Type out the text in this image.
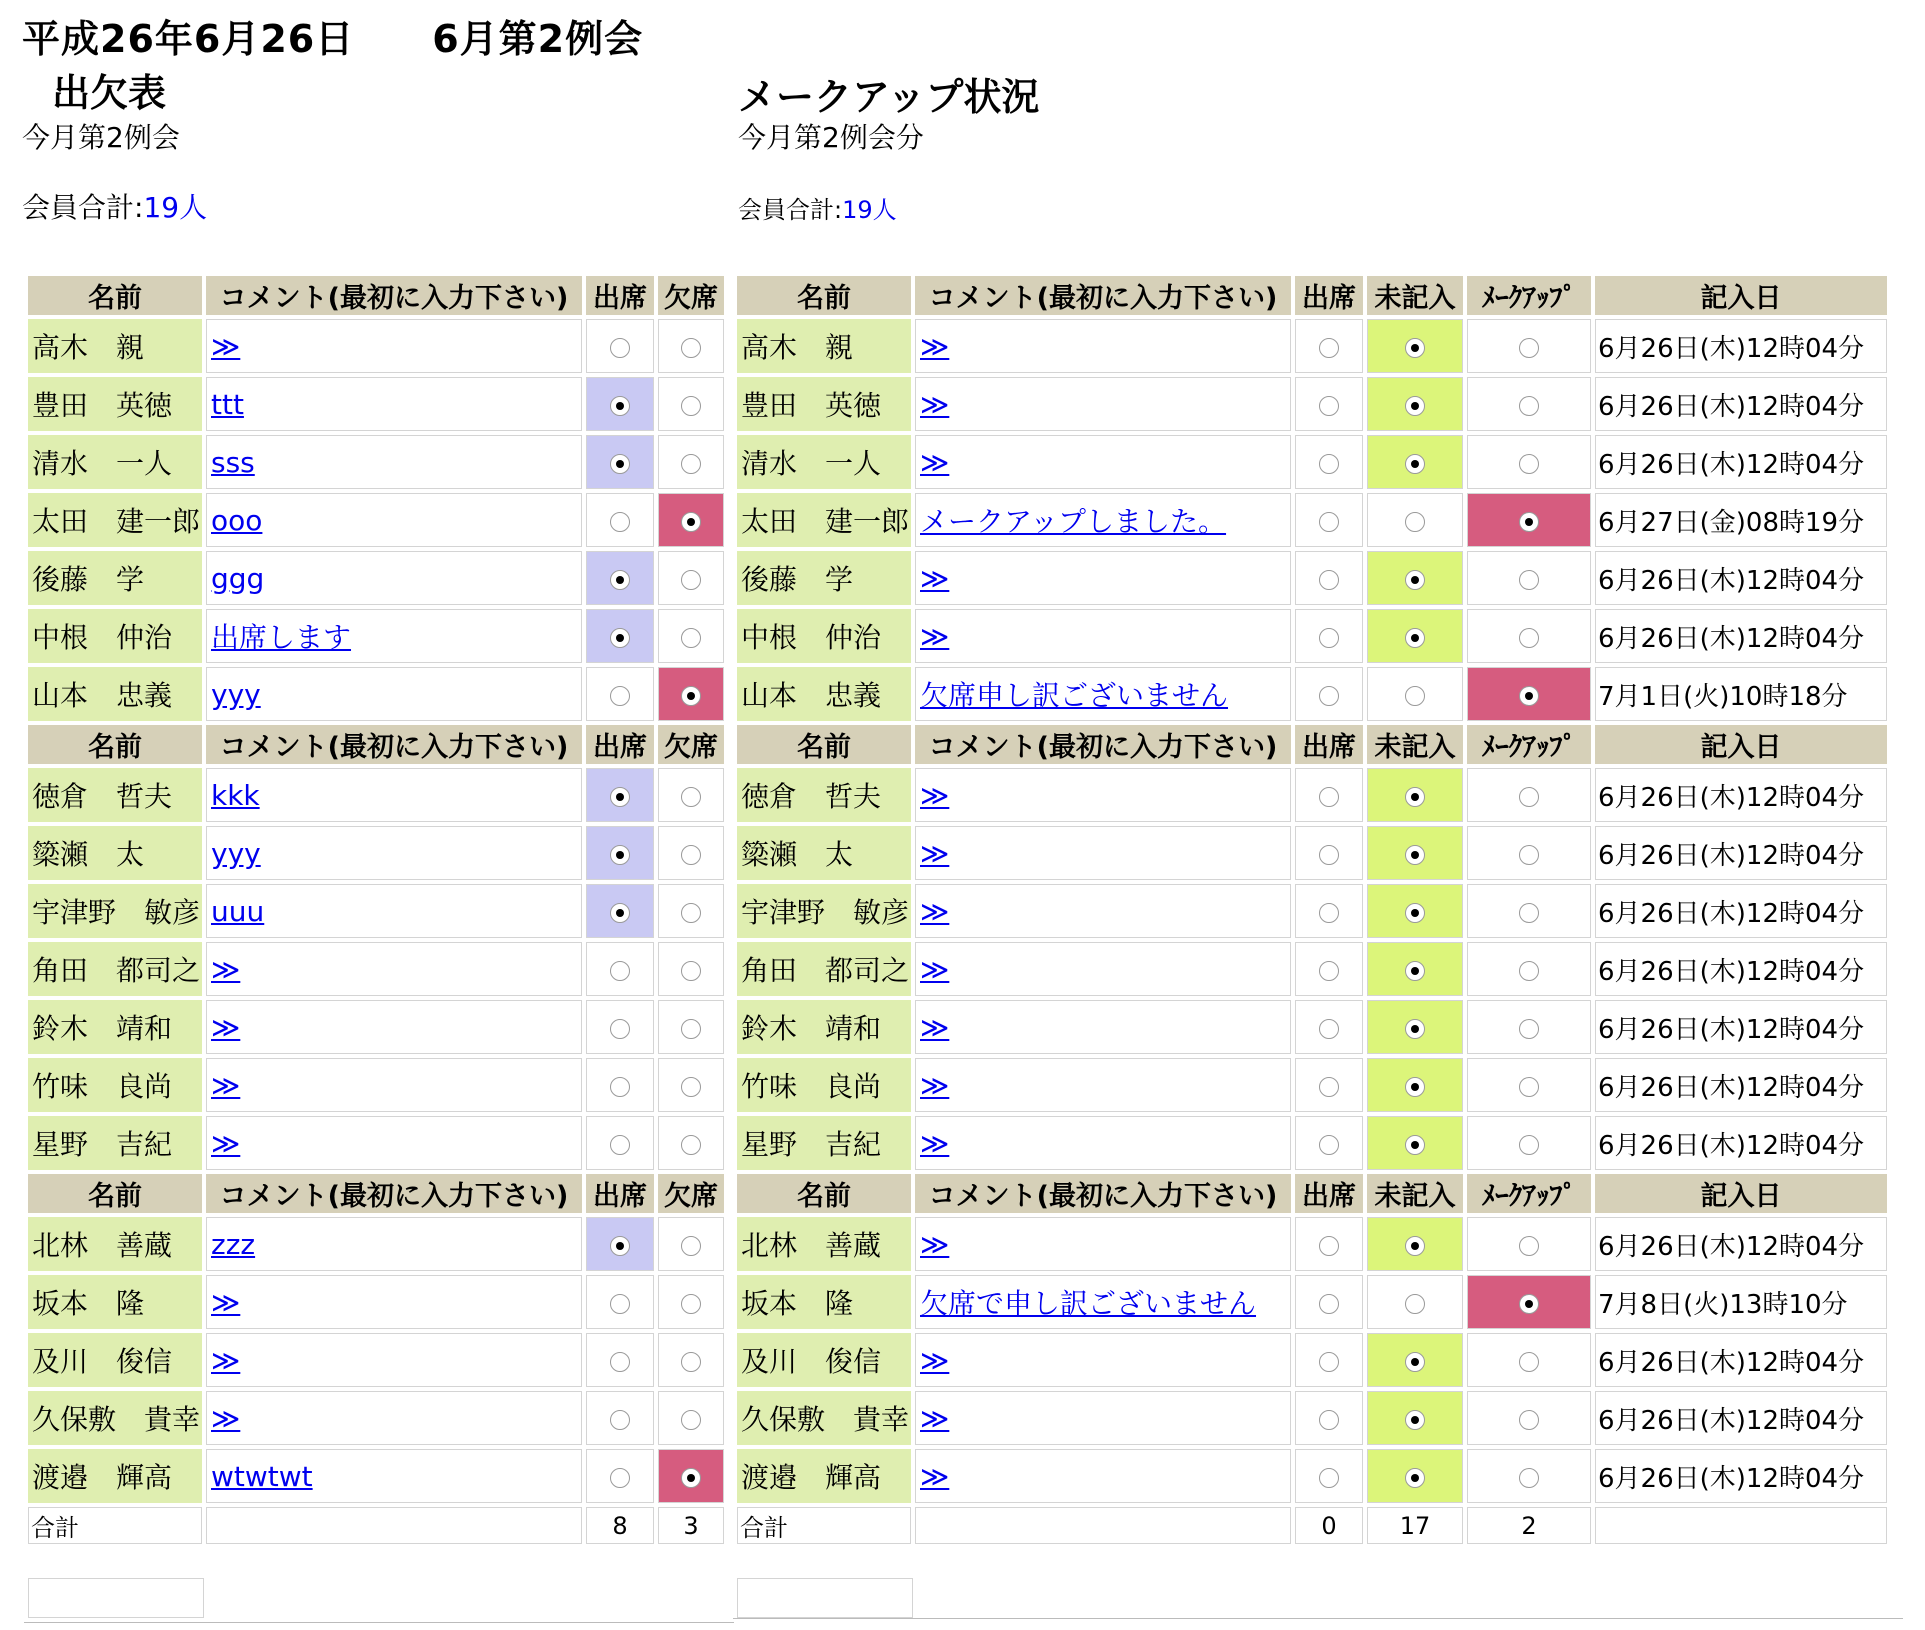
平成26年6月26日　　6月第2例会
出欠表
今月第2例会
会員合計:19人
メークアップ状況
今月第2例会分
会員合計:19人
名前	コメント(最初に入力下さい)	出席	欠席
高木　親	≫		
豊田　英徳	ttt		
清水　一人	sss		
太田　建一郎	ooo		
後藤　学	ggg		
中根　仲治	出席します		
山本　忠義	yyy		
名前	コメント(最初に入力下さい)	出席	欠席
徳倉　哲夫	kkk		
簗瀬　太	yyy		
宇津野　敏彦	uuu		
角田　都司之	≫		
鈴木　靖和	≫		
竹味　良尚	≫		
星野　吉紀	≫		
名前	コメント(最初に入力下さい)	出席	欠席
北林　善蔵	zzz		
坂本　隆	≫		
及川　俊信	≫		
久保敷　貴幸	≫		
渡邉　輝高	wtwtwt		
合計		8	3
名前	コメント(最初に入力下さい)	出席	未記入	ﾒｰｸｱｯﾌﾟ	記入日
高木　親	≫				6月26日(木)12時04分
豊田　英徳	≫				6月26日(木)12時04分
清水　一人	≫				6月26日(木)12時04分
太田　建一郎	メークアップしました。				6月27日(金)08時19分
後藤　学	≫				6月26日(木)12時04分
中根　仲治	≫				6月26日(木)12時04分
山本　忠義	欠席申し訳ございません				7月1日(火)10時18分
名前	コメント(最初に入力下さい)	出席	未記入	ﾒｰｸｱｯﾌﾟ	記入日
徳倉　哲夫	≫				6月26日(木)12時04分
簗瀬　太	≫				6月26日(木)12時04分
宇津野　敏彦	≫				6月26日(木)12時04分
角田　都司之	≫				6月26日(木)12時04分
鈴木　靖和	≫				6月26日(木)12時04分
竹味　良尚	≫				6月26日(木)12時04分
星野　吉紀	≫				6月26日(木)12時04分
名前	コメント(最初に入力下さい)	出席	未記入	ﾒｰｸｱｯﾌﾟ	記入日
北林　善蔵	≫				6月26日(木)12時04分
坂本　隆	欠席で申し訳ございません				7月8日(火)13時10分
及川　俊信	≫				6月26日(木)12時04分
久保敷　貴幸	≫				6月26日(木)12時04分
渡邉　輝高	≫				6月26日(木)12時04分
合計		0	17	2	
